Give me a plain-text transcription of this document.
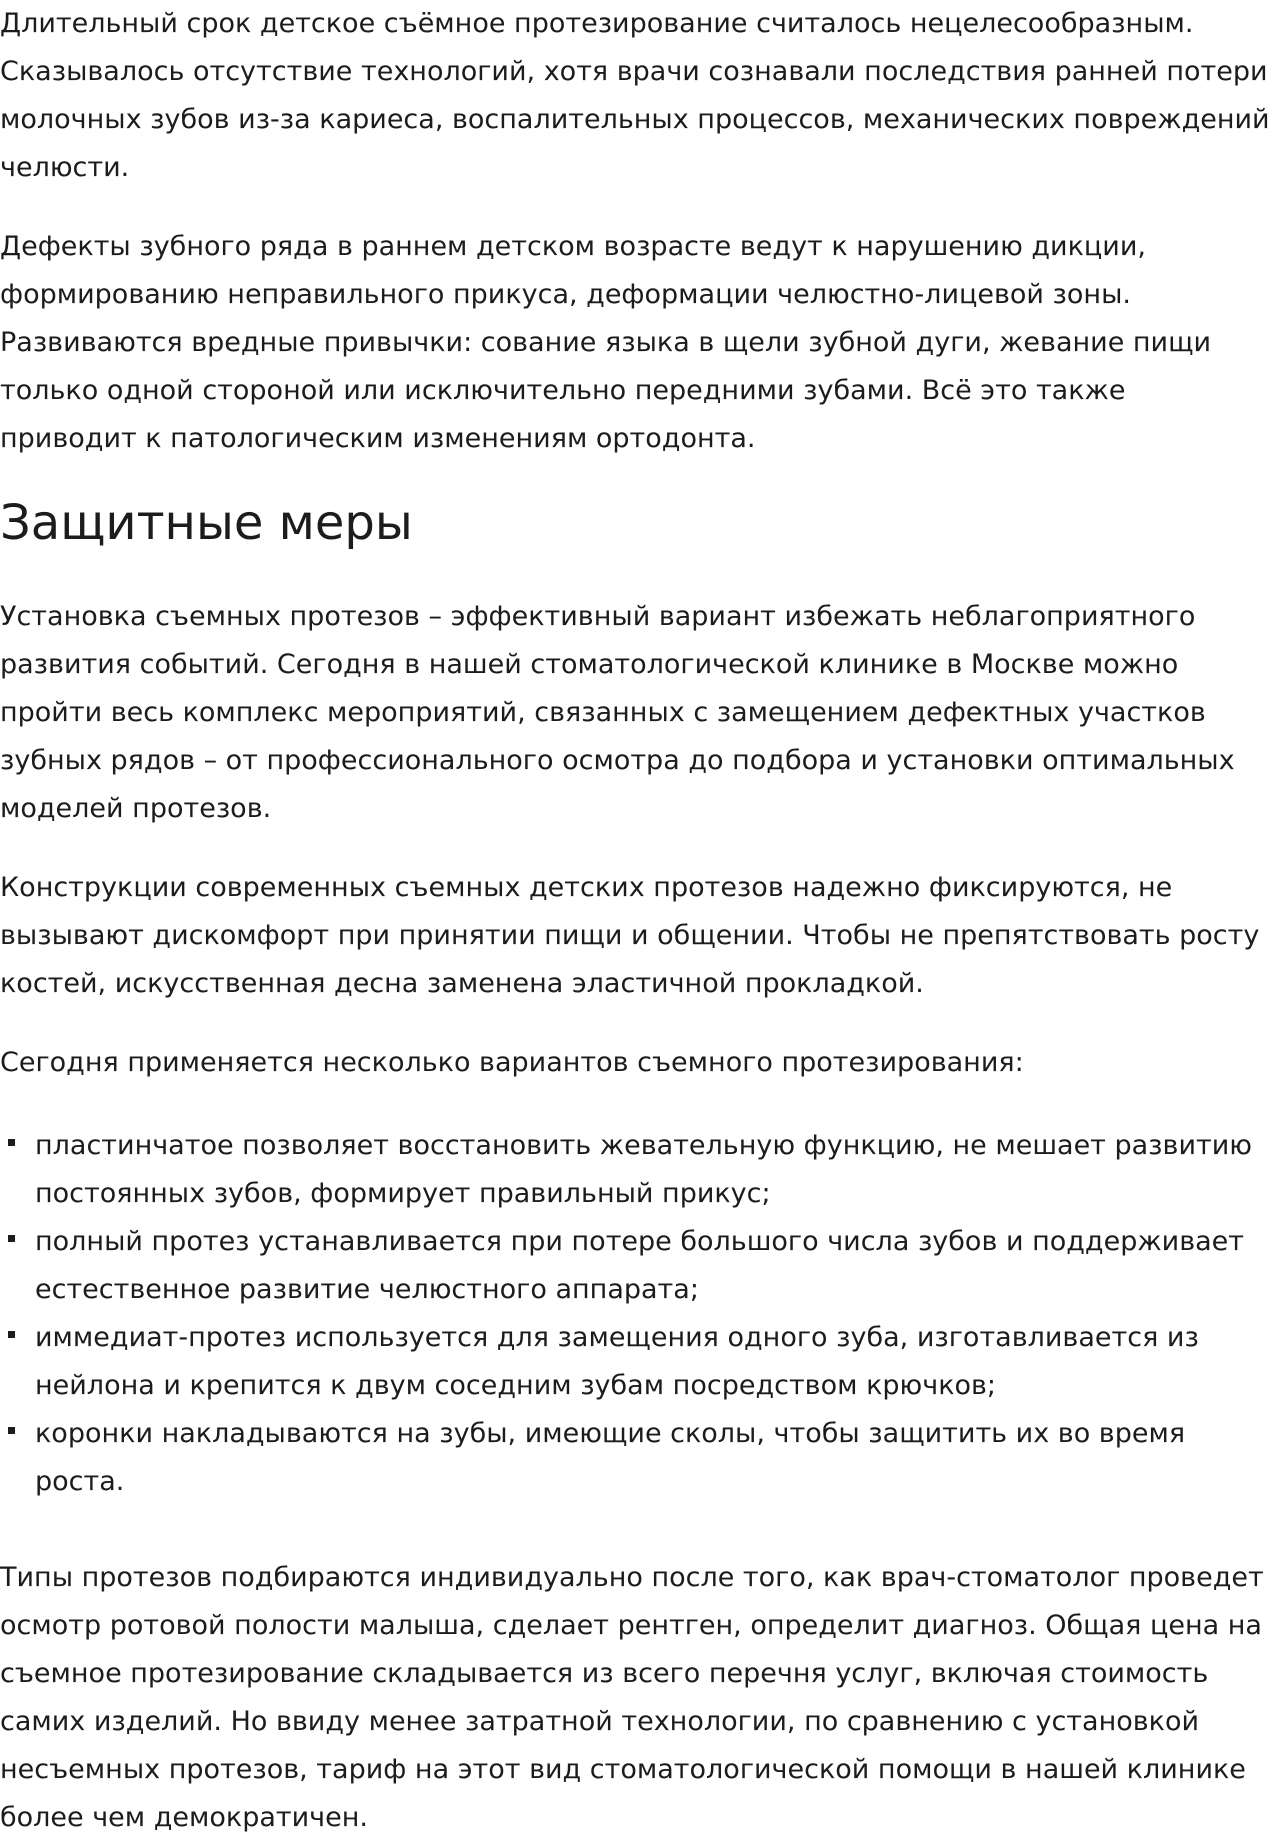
Длительный срок детское съёмное протезирование считалось нецелесообразным. Сказывалось отсутствие технологий, хотя врачи сознавали последствия ранней потери молочных зубов из-за кариеса, воспалительных процессов, механических повреждений челюсти.

Дефекты зубного ряда в раннем детском возрасте ведут к нарушению дикции, формированию неправильного прикуса, деформации челюстно-лицевой зоны. Развиваются вредные привычки: сование языка в щели зубной дуги, жевание пищи только одной стороной или исключительно передними зубами. Всё это также приводит к патологическим изменениям ортодонта.

Защитные меры

Установка съемных протезов – эффективный вариант избежать неблагоприятного развития событий. Сегодня в нашей стоматологической клинике в Москве можно пройти весь комплекс мероприятий, связанных с замещением дефектных участков зубных рядов – от профессионального осмотра до подбора и установки оптимальных моделей протезов.

Конструкции современных съемных детских протезов надежно фиксируются, не вызывают дискомфорт при принятии пищи и общении. Чтобы не препятствовать росту костей, искусственная десна заменена эластичной прокладкой.

Сегодня применяется несколько вариантов съемного протезирования:

пластинчатое позволяет восстановить жевательную функцию, не мешает развитию постоянных зубов, формирует правильный прикус;
полный протез устанавливается при потере большого числа зубов и поддерживает естественное развитие челюстного аппарата;
иммедиат-протез используется для замещения одного зуба, изготавливается из нейлона и крепится к двум соседним зубам посредством крючков;
коронки накладываются на зубы, имеющие сколы, чтобы защитить их во время роста.

Типы протезов подбираются индивидуально после того, как врач-стоматолог проведет осмотр ротовой полости малыша, сделает рентген, определит диагноз. Общая цена на съемное протезирование складывается из всего перечня услуг, включая стоимость самих изделий. Но ввиду менее затратной технологии, по сравнению с установкой несъемных протезов, тариф на этот вид стоматологической помощи в нашей клинике более чем демократичен.
